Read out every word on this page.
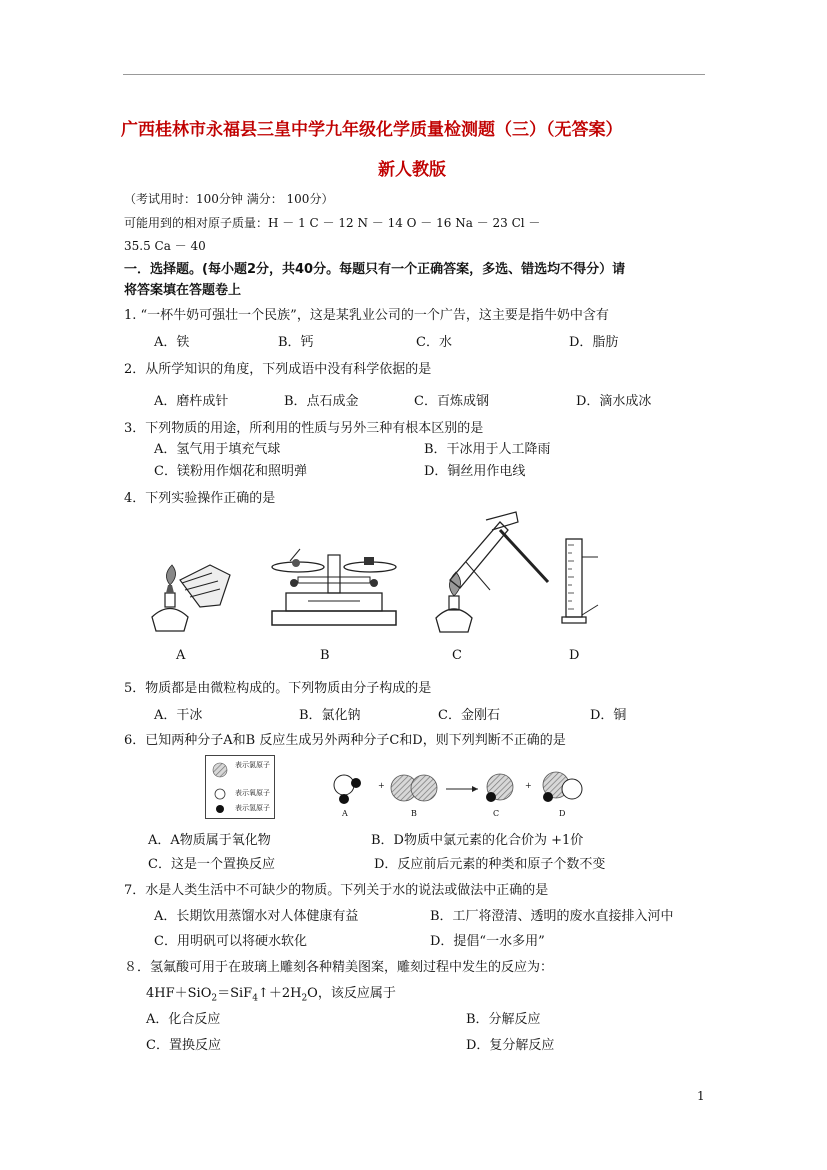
广西桂林市永福县三皇中学九年级化学质量检测题（三）（无答案）
新人教版
（考试用时：100分钟 满分： 100分）
可能用到的相对原子质量：H － 1 C － 12 N － 14 O － 16 Na － 23 Cl －
35.5 Ca － 40
一．选择题。(每小题2分，共40分。每题只有一个正确答案，多选、错选均不得分）请
将答案填在答题卷上
1. “一杯牛奶可强壮一个民族”，这是某乳业公司的一个广告，这主要是指牛奶中含有
A．铁	B．钙	C．水	D．脂肪
2．从所学知识的角度，下列成语中没有科学依据的是
A．磨杵成针	B．点石成金	C．百炼成钢	D．滴水成冰
3．下列物质的用途，所利用的性质与另外三种有根本区别的是
A．氢气用于填充气球	B．干冰用于人工降雨
C．镁粉用作烟花和照明弹	D．铜丝用作电线
4．下列实验操作正确的是
A	B	C	D
5．物质都是由微粒构成的。下列物质由分子构成的是
A．干冰	B．氯化钠	C．金刚石	D．铜
6．已知两种分子A和B 反应生成另外两种分子C和D，则下列判断不正确的是
表示氯原子
表示氧原子
表示氢原子
+	+
A	B	C	D
A．A物质属于氧化物	B．D物质中氯元素的化合价为 +1价
C．这是一个置换反应	D．反应前后元素的种类和原子个数不变
7．水是人类生活中不可缺少的物质。下列关于水的说法或做法中正确的是
A．长期饮用蒸馏水对人体健康有益	B．工厂将澄清、透明的废水直接排入河中
C．用明矾可以将硬水软化	D．提倡“一水多用”
８．氢氟酸可用于在玻璃上雕刻各种精美图案，雕刻过程中发生的反应为：
$4HF+SiO_2=SiF_4↑+2H_2O$，该反应属于
A．化合反应	B．分解反应
C．置换反应	D．复分解反应
1
